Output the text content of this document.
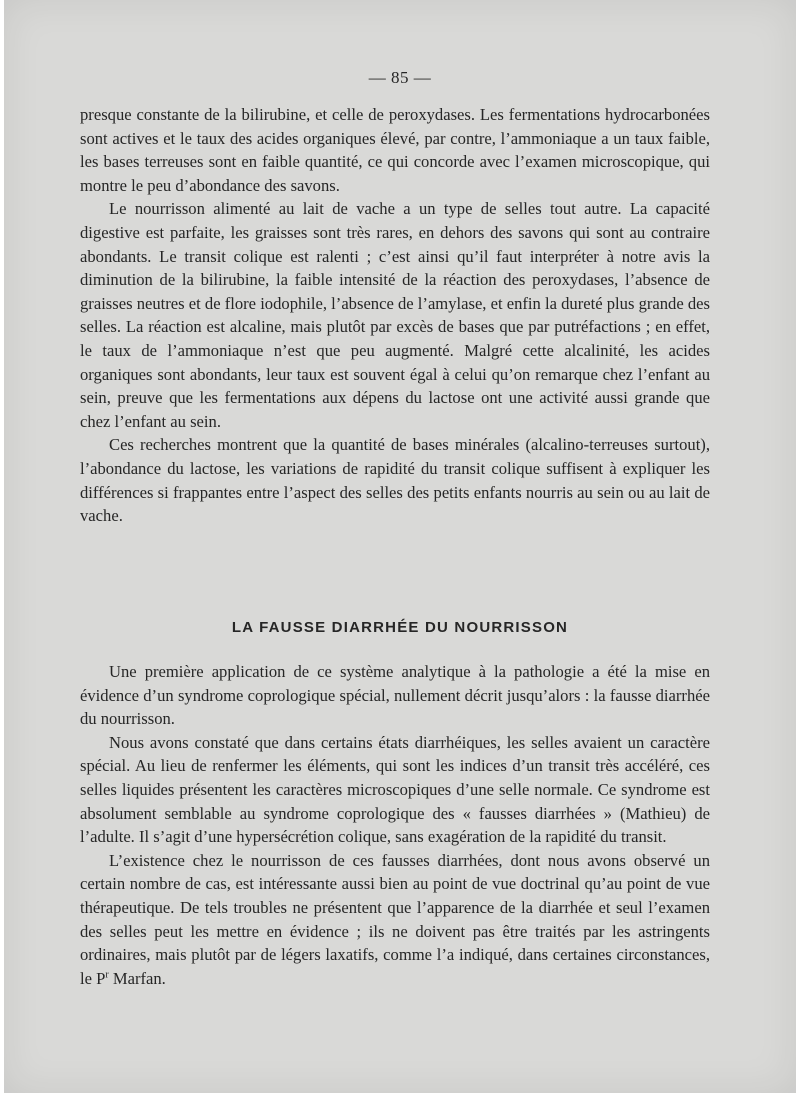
— 85 —

presque constante de la bilirubine, et celle de peroxydases. Les fermentations hydrocarbonées sont actives et le taux des acides organiques élevé, par contre, l’ammoniaque a un taux faible, les bases terreuses sont en faible quantité, ce qui concorde avec l’examen microscopique, qui montre le peu d’abondance des savons.

Le nourrisson alimenté au lait de vache a un type de selles tout autre. La capacité digestive est parfaite, les graisses sont très rares, en dehors des savons qui sont au contraire abondants. Le transit colique est ralenti ; c’est ainsi qu’il faut interpréter à notre avis la diminution de la bilirubine, la faible intensité de la réaction des peroxydases, l’absence de graisses neutres et de flore iodophile, l’absence de l’amylase, et enfin la dureté plus grande des selles. La réaction est alcaline, mais plutôt par excès de bases que par putréfactions ; en effet, le taux de l’ammoniaque n’est que peu augmenté. Malgré cette alcalinité, les acides organiques sont abondants, leur taux est souvent égal à celui qu’on remarque chez l’enfant au sein, preuve que les fermentations aux dépens du lactose ont une activité aussi grande que chez l’enfant au sein.

Ces recherches montrent que la quantité de bases minérales (alcalino-terreuses surtout), l’abondance du lactose, les variations de rapidité du transit colique suffisent à expliquer les différences si frappantes entre l’aspect des selles des petits enfants nourris au sein ou au lait de vache.

LA FAUSSE DIARRHÉE DU NOURRISSON

Une première application de ce système analytique à la pathologie a été la mise en évidence d’un syndrome coprologique spécial, nullement décrit jusqu’alors : la fausse diarrhée du nourrisson.

Nous avons constaté que dans certains états diarrhéiques, les selles avaient un caractère spécial. Au lieu de renfermer les éléments, qui sont les indices d’un transit très accéléré, ces selles liquides présentent les caractères microscopiques d’une selle normale. Ce syndrome est absolument semblable au syndrome coprologique des « fausses diarrhées » (Mathieu) de l’adulte. Il s’agit d’une hypersécrétion colique, sans exagération de la rapidité du transit.

L’existence chez le nourrisson de ces fausses diarrhées, dont nous avons observé un certain nombre de cas, est intéressante aussi bien au point de vue doctrinal qu’au point de vue thérapeutique. De tels troubles ne présentent que l’apparence de la diarrhée et seul l’examen des selles peut les mettre en évidence ; ils ne doivent pas être traités par les astringents ordinaires, mais plutôt par de légers laxatifs, comme l’a indiqué, dans certaines circonstances, le $P^r$ Marfan.
